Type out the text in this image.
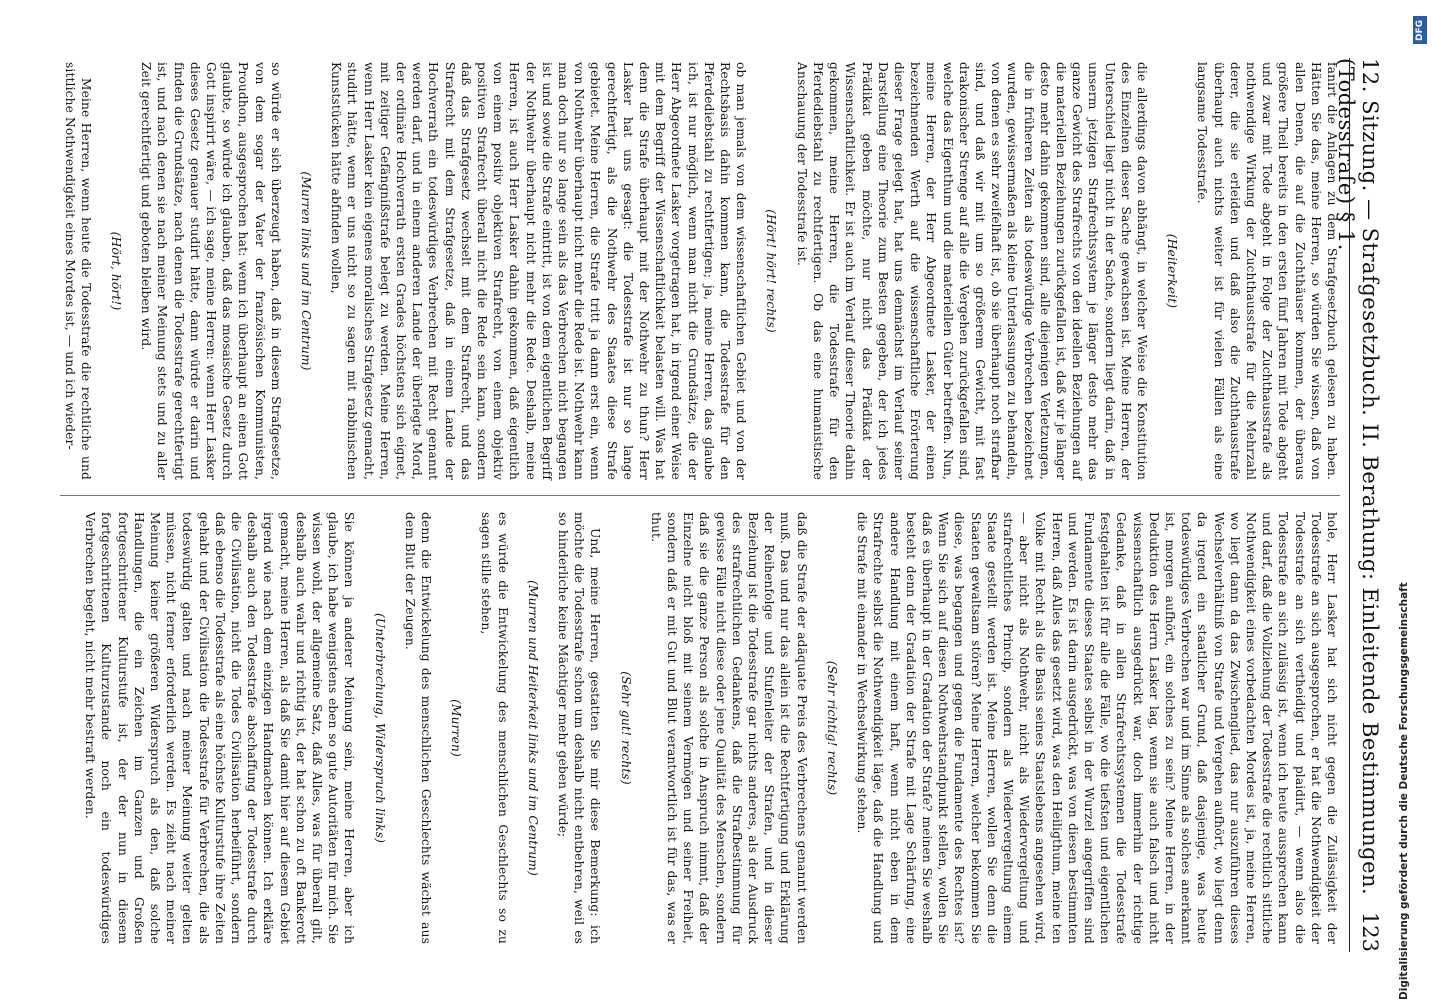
12. Sitzung. — Strafgesetzbuch. II. Berathung: Einleitende Bestimmungen. (Todesstrafe) § 1.
123

fanirt die Anlagen zu dem Strafgesetzbuch gelesen zu haben. Hätten Sie das, meine Herren, so würden Sie wissen, daß von allen Denen, die auf die Zuchthäuser kommen, der überaus größere Theil bereits in den ersten fünf Jahren mit Tode abgeht und zwar mit Tode abgeht in Folge der Zuchthausstrafe als nothwendige Wirkung der Zuchthausstrafe für die Mehrzahl derer, die sie erleiden und daß also die Zuchthausstrafe überhaupt auch nichts weiter ist für vielen Fällen als eine langsame Todesstrafe.

(Heiterkeit)

die allerdings davon abhängt, in welcher Weise die Konstitution des Einzelnen dieser Sache gewachsen ist. Meine Herren, der Unterschied liegt nicht in der Sache, sondern liegt darin, daß in unserm jetzigen Strafrechtssystem je länger desto mehr das ganze Gewicht des Strafrechts von den ideellen Beziehungen auf die materiellen Beziehungen zurückgefallen ist, daß wir je länger desto mehr dahin gekommen sind, alle diejenigen Verletzungen, die in früheren Zeiten als todeswürdige Verbrechen bezeichnet wurden, gewissermaßen als kleine Unterlassungen zu behandeln, von denen es sehr zweifelhaft ist, ob sie überhaupt noch strafbar sind, und daß wir mit um so größerem Gewicht, mit fast drakonischer Strenge auf alle die Vergehen zurückgefallen sind, welche das Eigenthum und die materiellen Güter betreffen. Nun, meine Herren, der Herr Abgeordnete Lasker, der einen bezeichnenden Werth auf die wissenschaftliche Erörterung dieser Frage gelegt hat, hat uns demnächst im Verlauf seiner Darstellung eine Theorie zum Besten gegeben, der ich jedes Prädikat geben möchte, nur nicht das Prädikat der Wissenschaftlichkeit. Er ist auch im Verlauf dieser Theorie dahin gekommen, meine Herren, die Todesstrafe für den Pferdediebstahl zu rechtfertigen. Ob das eine humanistische Anschauung der Todesstrafe ist.

(Hört! hört! rechts)

ob man jemals von dem wissenschaftlichen Gebiet und von der Rechtsbasis dahin kommen kann, die Todesstrafe für den Pferdediebstahl zu rechtfertigen; ja, meine Herren, das glaube ich, ist nur möglich, wenn man nicht die Grundsätze, die der Herr Abgeordnete Lasker vorgetragen hat, in irgend einer Weise mit dem Begriff der Wissenschaftlichkeit belasten will. Was hat denn die Strafe überhaupt mit der Nothwehr zu thun? Herr Lasker hat uns gesagt: die Todesstrafe ist nur so lange gerechtfertigt, als die Nothwehr des Staates diese Strafe gebietet. Meine Herren, die Strafe tritt ja dann erst ein, wenn von Nothwehr überhaupt nicht mehr die Rede ist. Nothwehr kann man doch nur so lange sein als das Verbrechen nicht begangen ist und sowie die Strafe eintritt, ist von dem eigentlichen Begriff der Nothwehr überhaupt nicht mehr die Rede. Deshalb, meine Herren, ist auch Herr Lasker dahin gekommen, daß eigentlich von einem positiv objektiven Strafrecht, von einem objektiv positiven Strafrecht überall nicht die Rede sein kann, sondern daß das Strafgesetz wechselt mit dem Strafrecht, und das Strafrecht mit dem Strafgesetze, daß in einem Lande der Hochverrath ein todeswürdiges Verbrechen mit Recht genannt werden darf, und in einem anderen Lande der überlegte Mord, der ordinäre Hochverrath ersten Grades höchstens sich eignet, mit zeitiger Gefängnißstrafe belegt zu werden. Meine Herren, wenn Herr Lasker kein eigenes moralisches Strafgesetz gemacht, studirt hätte, wenn er uns nicht so zu sagen mit rabbinischen Kunststücken hätte abfinden wollen,

(Murren links und im Centrum)

so würde er sich überzeugt haben, daß in diesem Strafgesetze, von dem sogar der Vater der französischen Kommunisten, Proudhon, ausgesprochen hat: wenn ich überhaupt an einen Gott glaubte, so würde ich glauben, daß das mosaische Gesetz durch Gott inspirirt wäre, — ich sage, meine Herren: wenn Herr Lasker dieses Gesetz genauer studirt hätte, dann würde er darin und finden die Grundsätze, nach denen die Todesstrafe gerechtfertigt ist, und nach denen sie nach meiner Meinung stets und zu aller Zeit gerechtfertigt und geboten bleiben wird.

(Hört, hört!)

Meine Herren, wenn heute die Todesstrafe die rechtliche und sittliche Nothwendigkeit eines Mordes ist, — und ich wieder-

hole, Herr Lasker hat sich nicht gegen die Zulässigkeit der Todesstrafe an sich ausgesprochen, er hat die Nothwendigkeit der Todesstrafe an sich vertheidigt und plaidirt, — wenn also die Todesstrafe an sich zulässig ist, wenn ich heute aussprechen kann und darf, daß die Vollziehung der Todesstrafe die rechtlich sittliche Nothwendigkeit eines vorbedachten Mordes ist, ja, meine Herren, wo liegt dann da das Zwischenglied, das nur auszuführen dieses Wechselverhältniß von Strafe und Vergehen aufhört, wo liegt denn da irgend ein staatlicher Grund, daß dasjenige, was heute todeswürdiges Verbrechen war und im Sinne als solches anerkannt ist, morgen aufhört, ein solches zu sein? Meine Herren, in der Deduktion des Herrn Lasker lag, wenn sie auch falsch und nicht wissenschaftlich ausgedrückt war, doch immerhin der richtige Gedanke, daß in allen Strafrechtssystemen die Todesstrafe festgehalten ist für alle die Fälle, wo die tiefsten und eigentlichen Fundamente dieses Staates selbst in der Wurzel angegriffen sind und werden. Es ist darin ausgedrückt, was von diesen bestimmten Herren, daß Alles das gesetzt wird, was den Heiligthum, meine ten Volke mit Recht als die Basis seines Staatslebens angesehen wird, — aber nicht als Nothwehr, nicht als Wiedervergeltung und strafrechtliches Princip, sondern als Wiedervergeltung einem Staate gestellt werden ist. Meine Herren, wollen Sie denn die Staaten gewaltsam stören? Meine Herren, welcher bekommen Sie diese, was begangen und gegen die Fundamente des Rechtes ist? Wenn Sie sich auf diesen Nothwehrstandpunkt stellen, wollen Sie daß es überhaupt in der Gradation der Strafe? meinen Sie weshalb besteht denn der Gradation der Strafe mit Lage Schärfung, eine andere Handlung mit einem haft, wenn nicht eben in dem Strafrechte selbst die Nothwendigkeit läge, daß die Handlung und die Strafe mit einander in Wechselwirkung stehen.

(Sehr richtig! rechts)

daß die Strafe der adäquate Preis des Verbrechens genannt werden muß. Das und nur das allein ist die Rechtfertigung und Erklärung der Reihenfolge und Stufenleiter der Strafen, und in dieser Beziehung ist die Todesstrafe gar nichts anderes, als der Ausdruck des strafrechtlichen Gedankens, daß die Strafbestimmung für gewisse Fälle nicht diese oder jene Qualität des Menschen, sondern daß sie die ganze Person als solche in Anspruch nimmt, daß der Einzelne nicht bloß mit seinem Vermögen und seiner Freiheit, sondern daß er mit Gut und Blut verantwortlich ist für das, was er thut.

(Sehr gut! rechts)

Und, meine Herren, gestatten Sie mir diese Bemerkung: ich möchte die Todesstrafe schon um deshalb nicht entbehren, weil es so hinderliche keine Mächtiger mehr geben würde;

(Murren und Heiterkeit links und im Centrum)

es würde die Entwickelung des menschlichen Geschlechts so zu sagen stille stehen,

(Murren)

denn die Entwickelung des menschlichen Geschlechts wächst aus dem Blut der Zeugen.

(Unterbrechung, Widerspruch links)

Sie können ja anderer Meinung sein, meine Herren, aber ich glaube, ich habe wenigstens eben so gute Autoritäten für mich. Sie wissen wohl, der allgemeine Satz, daß Alles, was für überall gilt, deshalb auch wahr und richtig ist, der hat schon zu oft Bankerott gemacht, meine Herren, als daß Sie damit hier auf diesem Gebiet irgend wie nach dem einzigen Handmachen können. Ich erkläre deshalb auch den Todesstrafe abschaffung der Todesstrafe durch die Civilisation, nicht die Todes Civilisation herbeiführt, sondern daß ebenso die Todesstrafe als eine höchste Kulturstufe ihre Zeiten gehabt und der Civilisation die Todesstrafe für Verbrechen, die als todeswürdig galten und nach meiner Meinung weiter gelten müssen, nicht ferner erforderlich werden. Es zieht nach meiner Meinung keiner größeren Widerspruch als den, daß solche Handlungen, die ein Zeichen im Ganzen und Großen fortgeschrittener Kulturstufe ist, der der nun in diesem fortgeschrittenen Kulturzustande noch ein todeswürdiges Verbrechen begeht, nicht mehr bestraft werden.	Digitalisierung gefördert durch die Deutsche Forschungsgemeinschaft
DFG
